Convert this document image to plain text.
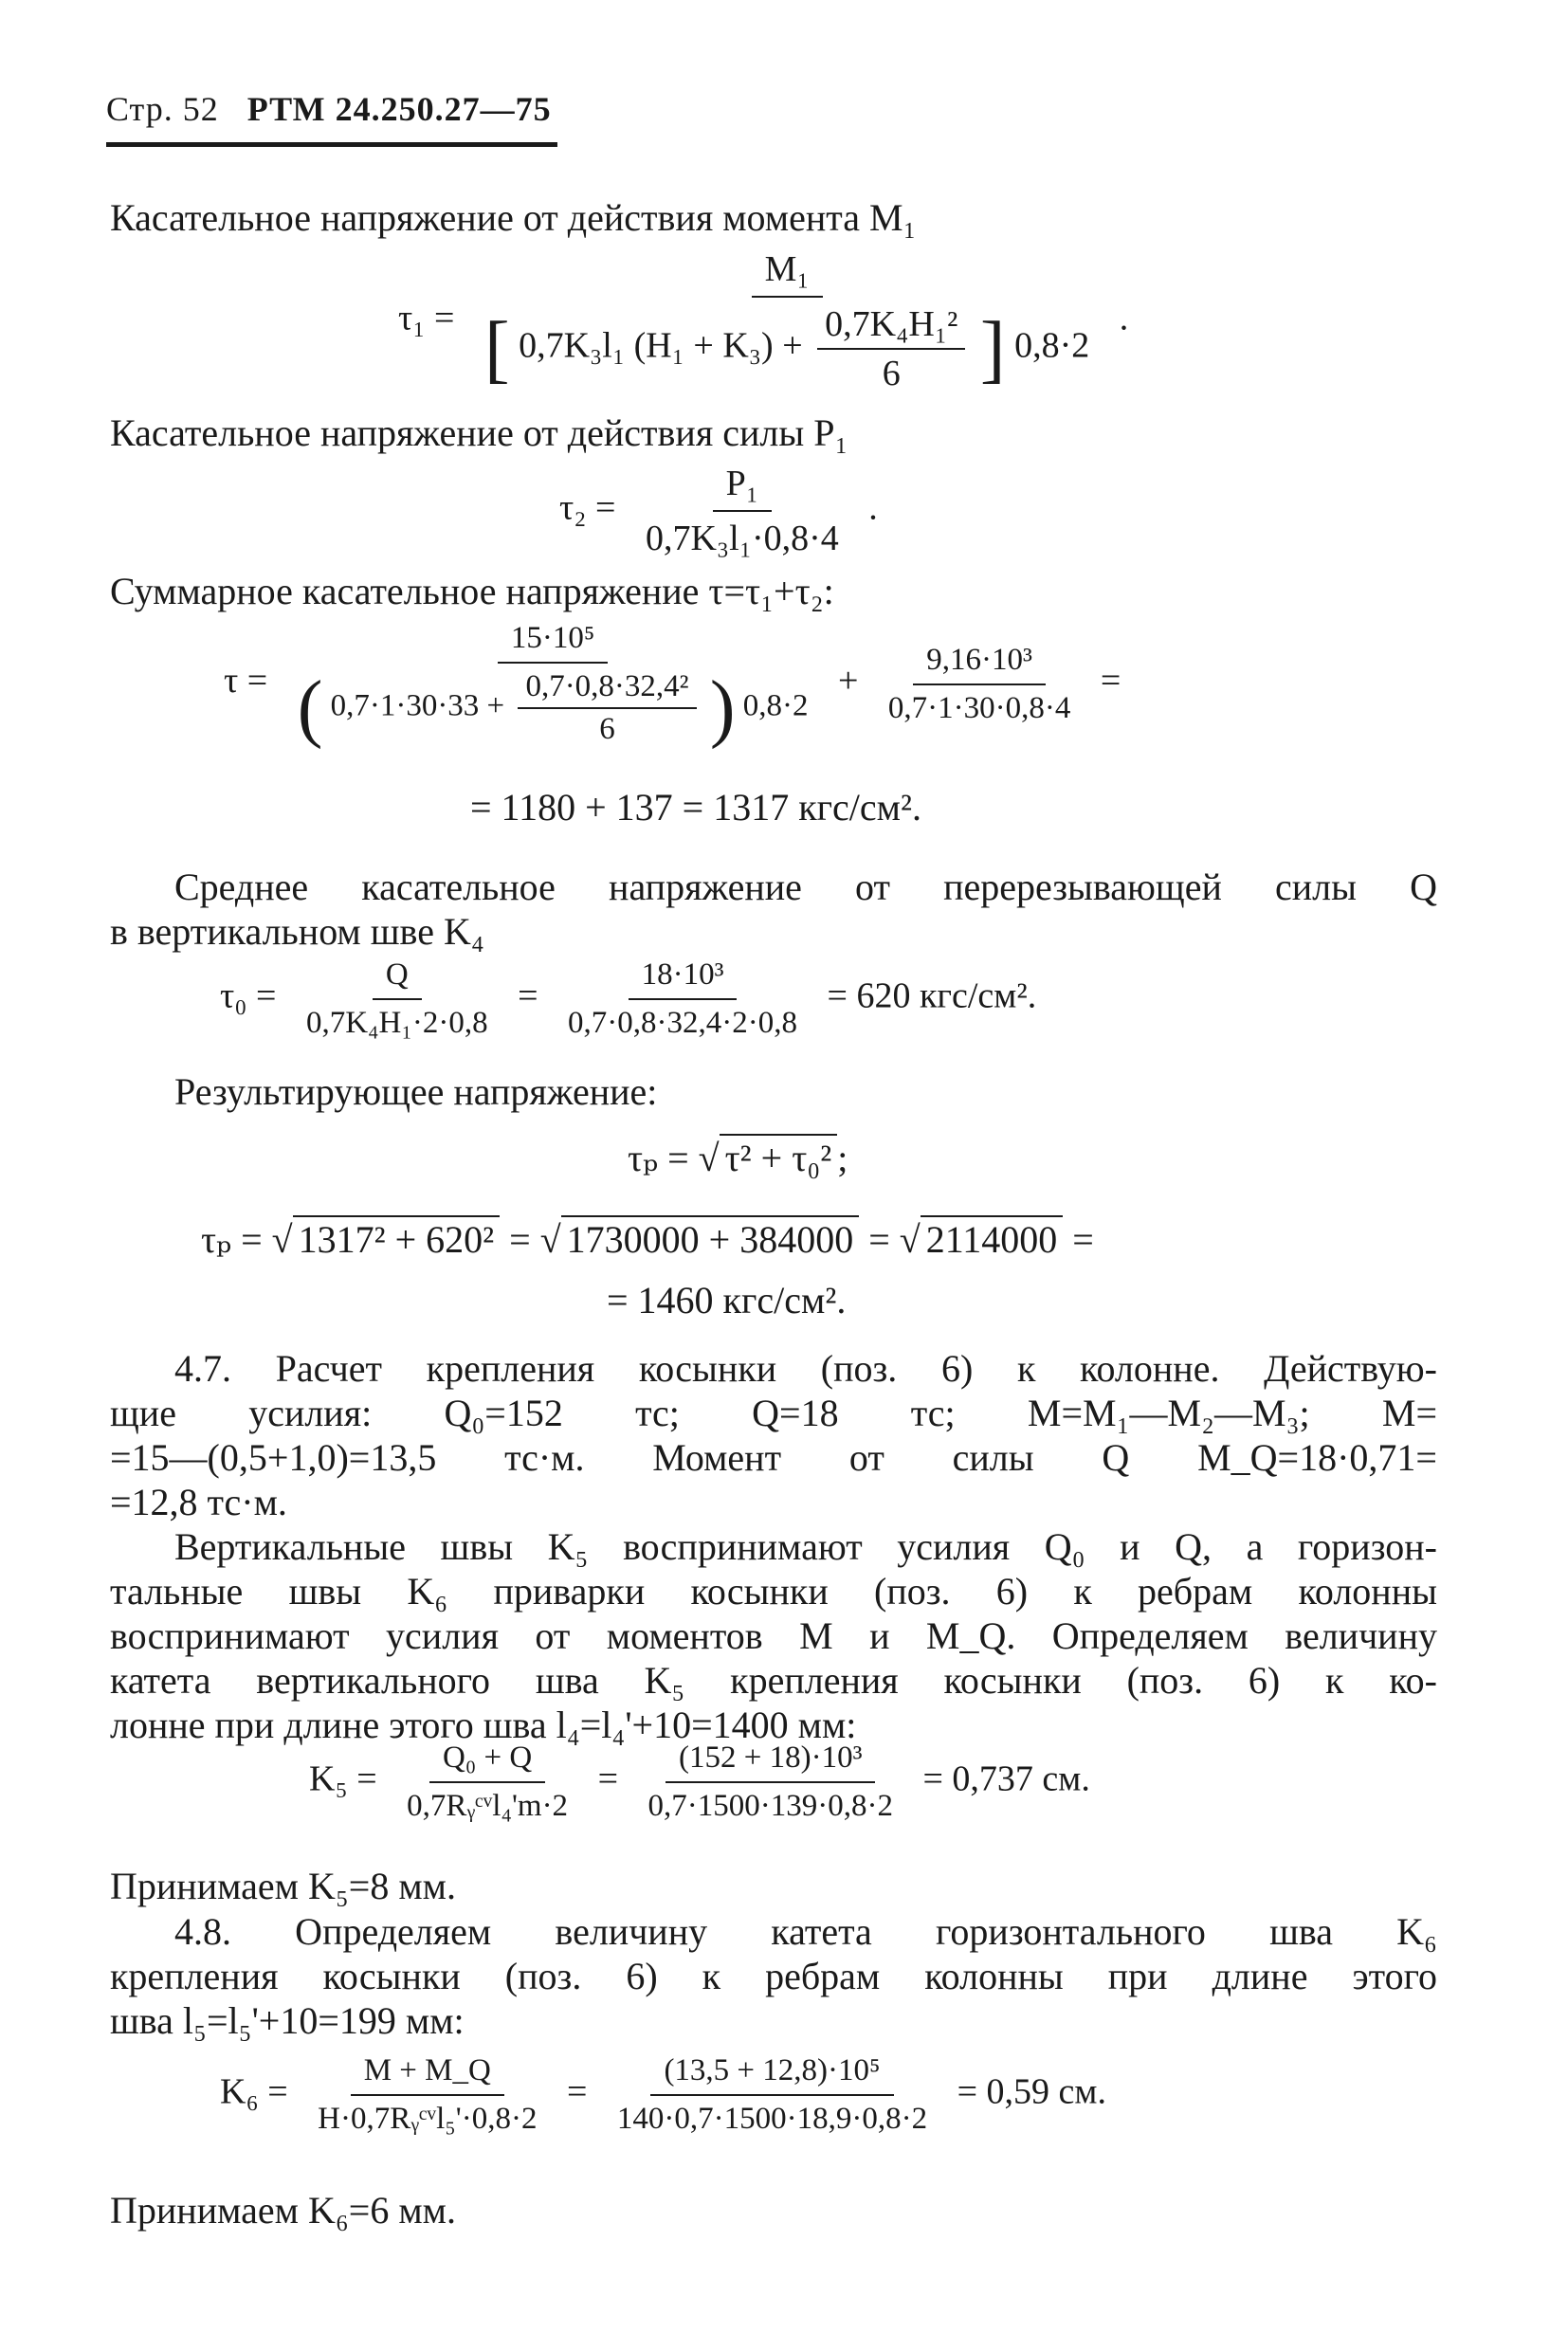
Стр. 52 РТМ 24.250.27—75
Касательное напряжение от действия момента M₁
τ₁ =
M₁
[ 0,7K₃l₁ $(H_1 + K_3) + \frac{\text{0,7K₄H₁²}}{6}$ ] 0,8·2
.
Касательное напряжение от действия силы P₁
$\tau_2 = \frac{\text{P₁}}{\text{0,7K₃l₁·0,8·4}}$ .
Суммарное касательное напряжение τ=τ₁+τ₂:
τ =
15·10⁵
( $0,7\cdot 1\cdot 30\cdot 33 + \frac{\text{0,7·0,8·32,4²}}{6}$ ) 0,8·2
+ $\frac{\text{9,16·10³}}{0,7\cdot 1\cdot 30\cdot 0,8\cdot 4}$ =
= 1180 + 137 = 1317 кгс/см².
Среднее касательное напряжение от перерезывающей силы Q
в вертикальном шве K₄
$\tau_0 = \frac{Q}{\text{0,7K₄H₁·2·0,8}} = \frac{\text{18·10³}}{0,7\cdot 0,8\cdot 32,4\cdot 2\cdot 0,8} = 620$ кгс/см².
Результирующее напряжение:
τₚ = √ τ² + τ₀² ;
τₚ = √ 1317² + 620² = √ 1730000 + 384000 = √ 2114000 =
= 1460 кгс/см².
4.7. Расчет крепления косынки (поз. 6) к колонне. Действую-
щие усилия: Q₀=152 тс; Q=18 тс; M=M₁—M₂—M₃; M=
=15—(0,5+1,0)=13,5 тс·м. Момент от силы Q M_Q=18·0,71=
=12,8 тс·м.
Вертикальные швы K₅ воспринимают усилия Q₀ и Q, а горизон-
тальные швы K₆ приварки косынки (поз. 6) к ребрам колонны
воспринимают усилия от моментов M и M_Q. Определяем величину
катета вертикального шва K₅ крепления косынки (поз. 6) к ко-
лонне при длине этого шва l₄=l₄'+10=1400 мм:
K₅ =
Q₀ + Q
0,7Rᵧᶜᵛl₄'m·2
= $\frac{\text{(152 + 18)·10³}}{0,7\cdot 1500\cdot 139\cdot 0,8\cdot 2} = 0,737$ см.
Принимаем K₅=8 мм.
4.8. Определяем величину катета горизонтального шва K₆
крепления косынки (поз. 6) к ребрам колонны при длине этого
шва l₅=l₅'+10=199 мм:
K₆ =
M + M_Q
H·0,7Rᵧᶜᵛl₅'·0,8·2
= $\frac{\text{(13,5 + 12,8)·10⁵}}{140\cdot 0,7\cdot 1500\cdot 18,9\cdot 0,8\cdot 2} = 0,59$ см.
Принимаем K₆=6 мм.
